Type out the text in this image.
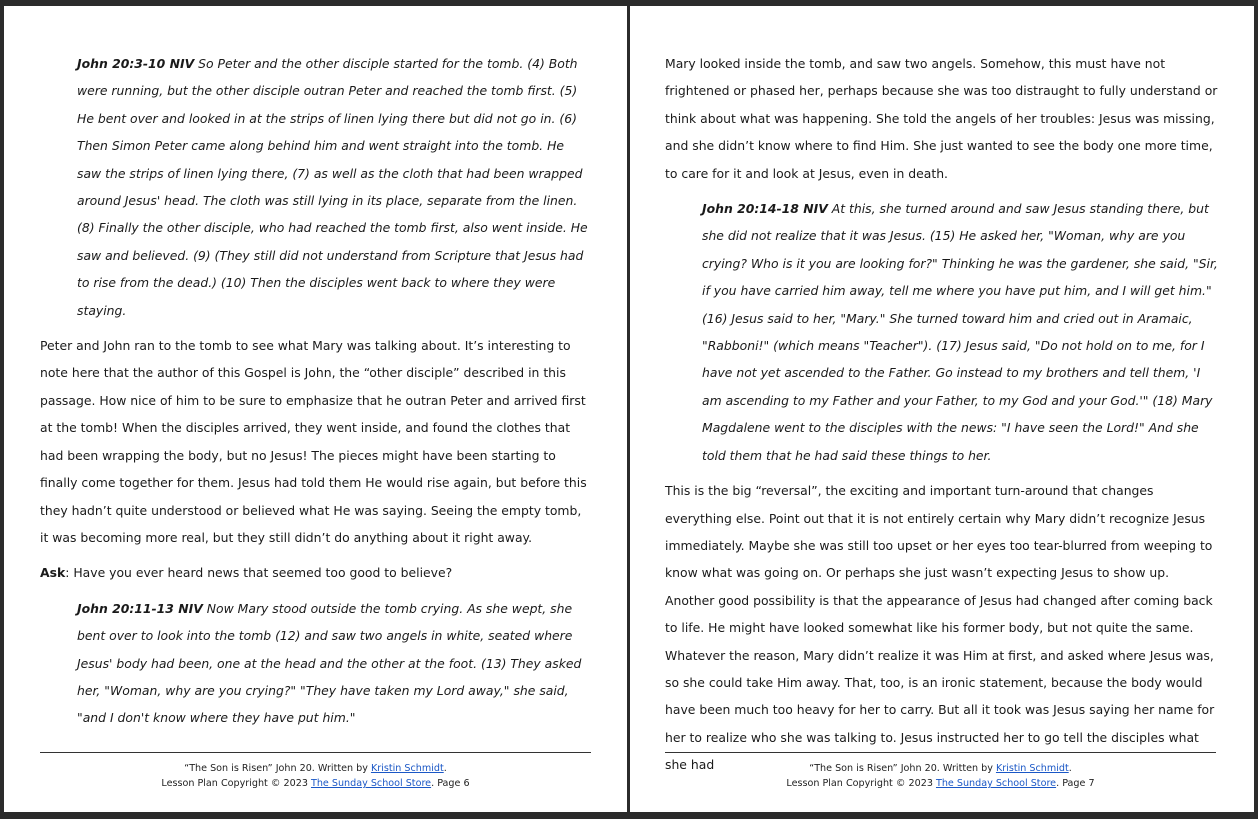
John 20:3-10 NIV So Peter and the other disciple started for the tomb. (4) Both were running, but the other disciple outran Peter and reached the tomb first. (5) He bent over and looked in at the strips of linen lying there but did not go in. (6) Then Simon Peter came along behind him and went straight into the tomb. He saw the strips of linen lying there, (7) as well as the cloth that had been wrapped around Jesus' head. The cloth was still lying in its place, separate from the linen. (8) Finally the other disciple, who had reached the tomb first, also went inside. He saw and believed. (9) (They still did not understand from Scripture that Jesus had to rise from the dead.) (10) Then the disciples went back to where they were staying.

Peter and John ran to the tomb to see what Mary was talking about. It’s interesting to note here that the author of this Gospel is John, the “other disciple” described in this passage. How nice of him to be sure to emphasize that he outran Peter and arrived first at the tomb! When the disciples arrived, they went inside, and found the clothes that had been wrapping the body, but no Jesus! The pieces might have been starting to finally come together for them. Jesus had told them He would rise again, but before this they hadn’t quite understood or believed what He was saying. Seeing the empty tomb, it was becoming more real, but they still didn’t do anything about it right away.

Ask: Have you ever heard news that seemed too good to believe?

John 20:11-13 NIV Now Mary stood outside the tomb crying. As she wept, she bent over to look into the tomb (12) and saw two angels in white, seated where Jesus' body had been, one at the head and the other at the foot. (13) They asked her, "Woman, why are you crying?" "They have taken my Lord away," she said, "and I don't know where they have put him."

“The Son is Risen” John 20. Written by Kristin Schmidt.
Lesson Plan Copyright © 2023 The Sunday School Store. Page 6

Mary looked inside the tomb, and saw two angels. Somehow, this must have not frightened or phased her, perhaps because she was too distraught to fully understand or think about what was happening. She told the angels of her troubles: Jesus was missing, and she didn’t know where to find Him. She just wanted to see the body one more time, to care for it and look at Jesus, even in death.

John 20:14-18 NIV At this, she turned around and saw Jesus standing there, but she did not realize that it was Jesus. (15) He asked her, "Woman, why are you crying? Who is it you are looking for?" Thinking he was the gardener, she said, "Sir, if you have carried him away, tell me where you have put him, and I will get him." (16) Jesus said to her, "Mary." She turned toward him and cried out in Aramaic, "Rabboni!" (which means "Teacher"). (17) Jesus said, "Do not hold on to me, for I have not yet ascended to the Father. Go instead to my brothers and tell them, 'I am ascending to my Father and your Father, to my God and your God.'" (18) Mary Magdalene went to the disciples with the news: "I have seen the Lord!" And she told them that he had said these things to her.

This is the big “reversal”, the exciting and important turn-around that changes everything else. Point out that it is not entirely certain why Mary didn’t recognize Jesus immediately. Maybe she was still too upset or her eyes too tear-blurred from weeping to know what was going on. Or perhaps she just wasn’t expecting Jesus to show up. Another good possibility is that the appearance of Jesus had changed after coming back to life. He might have looked somewhat like his former body, but not quite the same. Whatever the reason, Mary didn’t realize it was Him at first, and asked where Jesus was, so she could take Him away. That, too, is an ironic statement, because the body would have been much too heavy for her to carry. But all it took was Jesus saying her name for her to realize who she was talking to. Jesus instructed her to go tell the disciples what she had	“The Son is Risen” John 20. Written by Kristin Schmidt.
Lesson Plan Copyright © 2023 The Sunday School Store. Page 7
